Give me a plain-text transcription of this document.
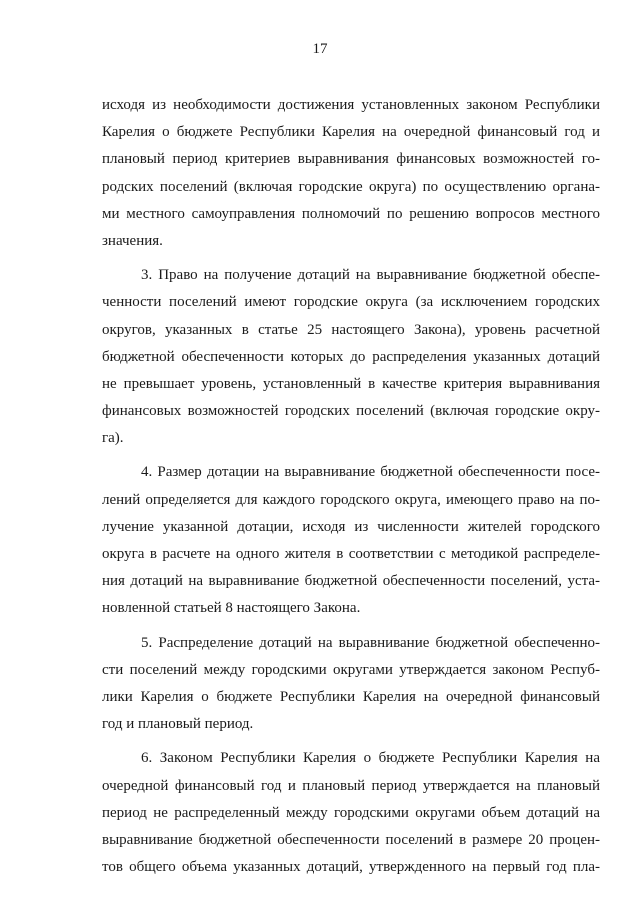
17
исходя из необходимости достижения установленных законом Республики
Карелия о бюджете Республики Карелия на очередной финансовый год и
плановый период критериев выравнивания финансовых возможностей го-
родских поселений (включая городские округа) по осуществлению органа-
ми местного самоуправления полномочий по решению вопросов местного
значения.
3. Право на получение дотаций на выравнивание бюджетной обеспе-
ченности поселений имеют городские округа (за исключением городских
округов, указанных в статье 25 настоящего Закона), уровень расчетной
бюджетной обеспеченности которых до распределения указанных дотаций
не превышает уровень, установленный в качестве критерия выравнивания
финансовых возможностей городских поселений (включая городские окру-
га).
4. Размер дотации на выравнивание бюджетной обеспеченности посе-
лений определяется для каждого городского округа, имеющего право на по-
лучение указанной дотации, исходя из численности жителей городского
округа в расчете на одного жителя в соответствии с методикой распределе-
ния дотаций на выравнивание бюджетной обеспеченности поселений, уста-
новленной статьей 8 настоящего Закона.
5. Распределение дотаций на выравнивание бюджетной обеспеченно-
сти поселений между городскими округами утверждается законом Респуб-
лики Карелия о бюджете Республики Карелия на очередной финансовый
год и плановый период.
6. Законом Республики Карелия о бюджете Республики Карелия на
очередной финансовый год и плановый период утверждается на плановый
период не распределенный между городскими округами объем дотаций на
выравнивание бюджетной обеспеченности поселений в размере 20 процен-
тов общего объема указанных дотаций, утвержденного на первый год пла-
